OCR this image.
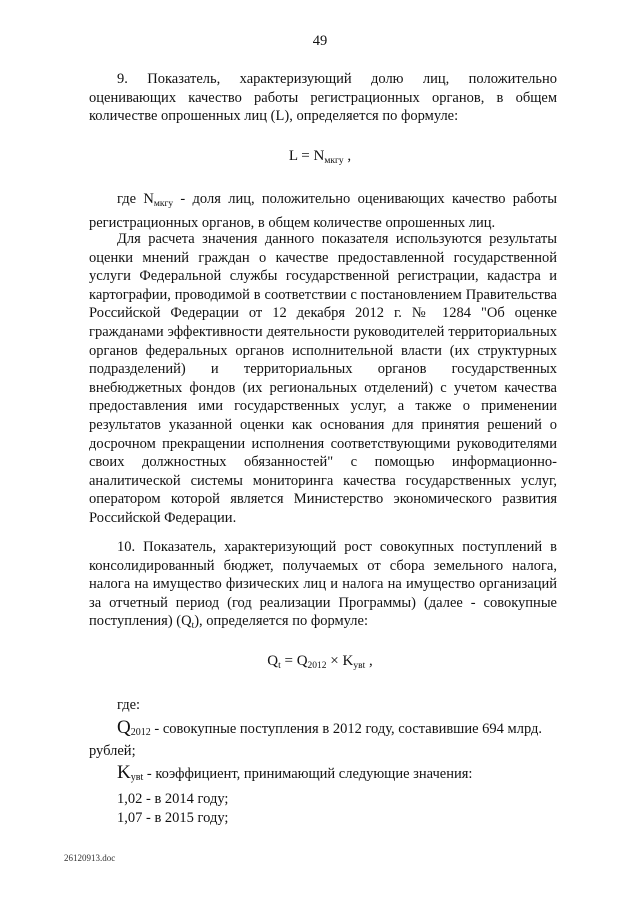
49

9. Показатель, характеризующий долю лиц, положительно оценивающих качество работы регистрационных органов, в общем количестве опрошенных лиц (L), определяется по формуле:

$L = N_{мкгу}$ ,

где $N_{мкгу}$ - доля лиц, положительно оценивающих качество работы регистрационных органов, в общем количестве опрошенных лиц.

Для расчета значения данного показателя используются результаты оценки мнений граждан о качестве предоставленной государственной услуги Федеральной службы государственной регистрации, кадастра и картографии, проводимой в соответствии с постановлением Правительства Российской Федерации от 12 декабря 2012 г. № 1284 "Об оценке гражданами эффективности деятельности руководителей территориальных органов федеральных органов исполнительной власти (их структурных подразделений) и территориальных органов государственных внебюджетных фондов (их региональных отделений) с учетом качества предоставления ими государственных услуг, а также о применении результатов указанной оценки как основания для принятия решений о досрочном прекращении исполнения соответствующими руководителями своих должностных обязанностей" с помощью информационно-аналитической системы мониторинга качества государственных услуг, оператором которой является Министерство экономического развития Российской Федерации.

10. Показатель, характеризующий рост совокупных поступлений в консолидированный бюджет, получаемых от сбора земельного налога, налога на имущество физических лиц и налога на имущество организаций за отчетный период (год реализации Программы) (далее - совокупные поступления) $(Q_t)$, определяется по формуле:

$Q_t = Q_{2012} \times K_{увt}$ ,
где:
$Q_{2012}$ - совокупные поступления в 2012 году, составившие 694 млрд.
рублей;
$K_{увt}$ - коэффициент, принимающий следующие значения:
1,02 - в 2014 году;
1,07 - в 2015 году;
26120913.doc
